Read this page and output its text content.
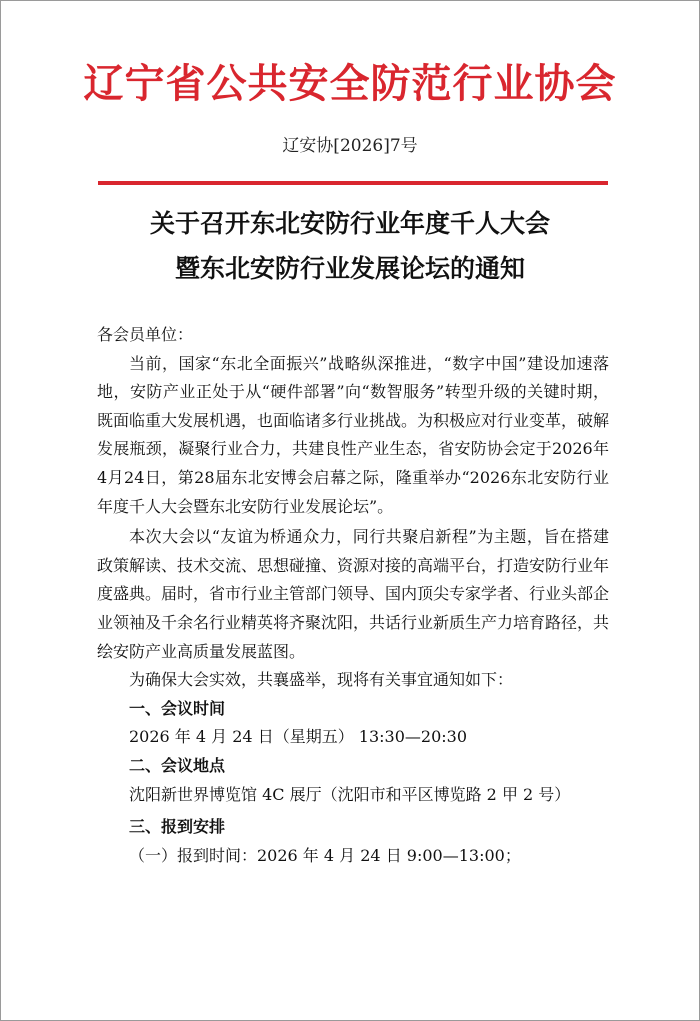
辽宁省公共安全防范行业协会
辽安协[2026]7号
关于召开东北安防行业年度千人大会
暨东北安防行业发展论坛的通知

各会员单位：

当前，国家“东北全面振兴”战略纵深推进，“数字中国”建设加速落地，安防产业正处于从“硬件部署”向“数智服务”转型升级的关键时期，既面临重大发展机遇，也面临诸多行业挑战。为积极应对行业变革，破解发展瓶颈，凝聚行业合力，共建良性产业生态，省安防协会定于2026年4月24日，第28届东北安博会启幕之际，隆重举办“2026东北安防行业年度千人大会暨东北安防行业发展论坛”。

本次大会以“友谊为桥通众力，同行共聚启新程”为主题，旨在搭建政策解读、技术交流、思想碰撞、资源对接的高端平台，打造安防行业年度盛典。届时，省市行业主管部门领导、国内顶尖专家学者、行业头部企业领袖及千余名行业精英将齐聚沈阳，共话行业新质生产力培育路径，共绘安防产业高质量发展蓝图。

为确保大会实效，共襄盛举，现将有关事宜通知如下：

一、会议时间

2026 年 4 月 24 日（星期五） 13:30—20:30

二、会议地点

沈阳新世界博览馆 4C 展厅（沈阳市和平区博览路 2 甲 2 号）

三、报到安排

（一）报到时间：2026 年 4 月 24 日 9:00—13:00；
